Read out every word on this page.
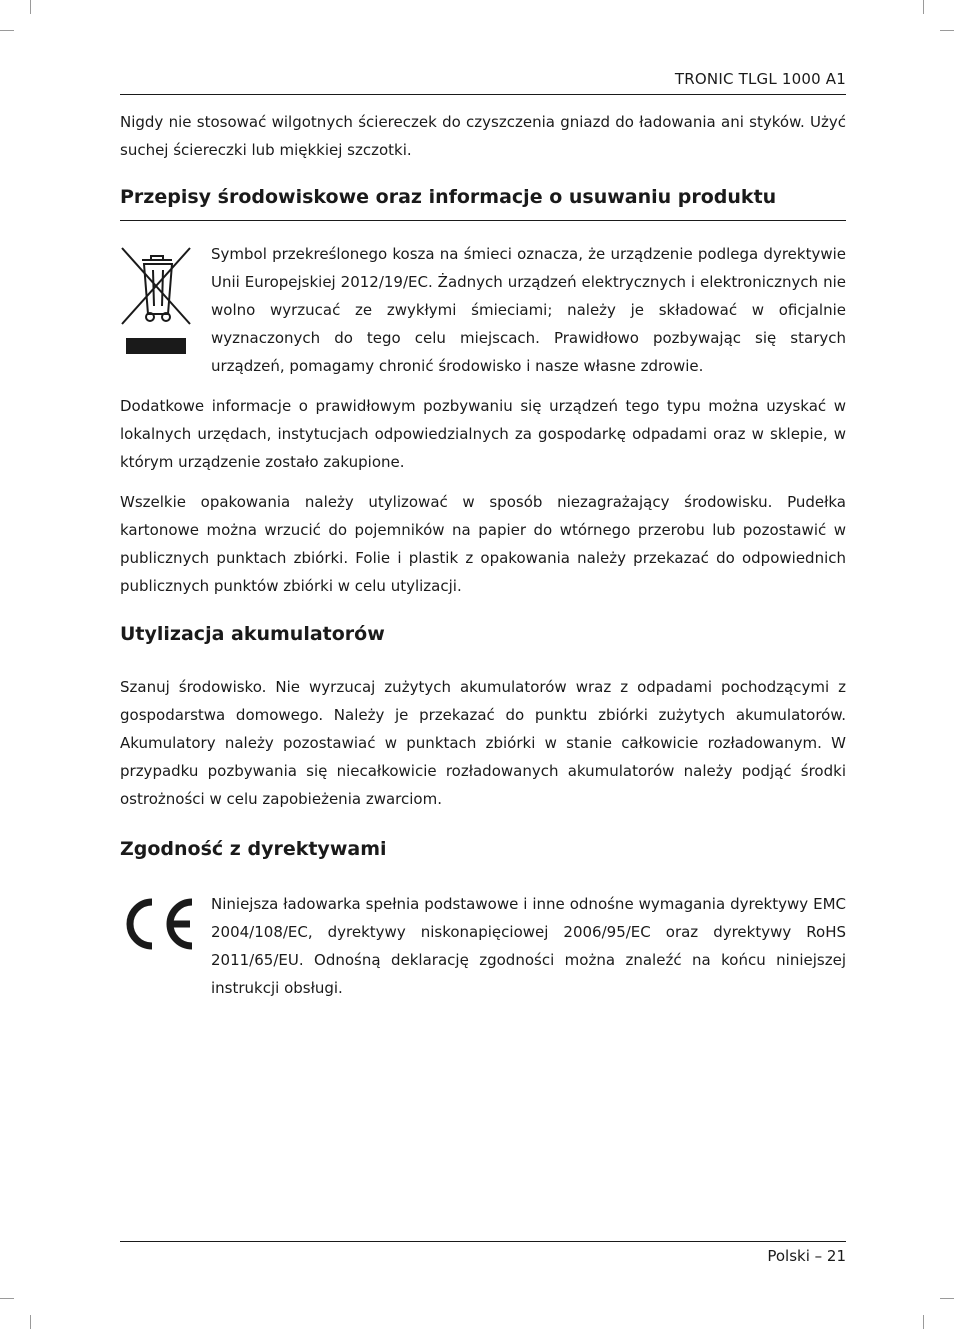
TRONIC TLGL 1000 A1

Nigdy nie stosować wilgotnych ściereczek do czyszczenia gniazd do ładowania ani styków. Użyć suchej ściereczki lub miękkiej szczotki.

Przepisy środowiskowe oraz informacje o usuwaniu produktu

Symbol przekreślonego kosza na śmieci oznacza, że urządzenie podlega dyrektywie Unii Europejskiej 2012/19/EC. Żadnych urządzeń elektrycznych i elektronicznych nie wolno wyrzucać ze zwykłymi śmieciami; należy je składować w oficjalnie wyznaczonych do tego celu miejscach. Prawidłowo pozbywając się starych urządzeń, pomagamy chronić środowisko i nasze własne zdrowie.

Dodatkowe informacje o prawidłowym pozbywaniu się urządzeń tego typu można uzyskać w lokalnych urzędach, instytucjach odpowiedzialnych za gospodarkę odpadami oraz w sklepie, w którym urządzenie zostało zakupione.

Wszelkie opakowania należy utylizować w sposób niezagrażający środowisku. Pudełka kartonowe można wrzucić do pojemników na papier do wtórnego przerobu lub pozostawić w publicznych punktach zbiórki. Folie i plastik z opakowania należy przekazać do odpowiednich publicznych punktów zbiórki w celu utylizacji.

Utylizacja akumulatorów

Szanuj środowisko. Nie wyrzucaj zużytych akumulatorów wraz z odpadami pochodzącymi z gospodarstwa domowego. Należy je przekazać do punktu zbiórki zużytych akumulatorów. Akumulatory należy pozostawiać w punktach zbiórki w stanie całkowicie rozładowanym. W przypadku pozbywania się niecałkowicie rozładowanych akumulatorów należy podjąć środki ostrożności w celu zapobieżenia zwarciom.

Zgodność z dyrektywami

Niniejsza ładowarka spełnia podstawowe i inne odnośne wymagania dyrektywy EMC 2004/108/EC, dyrektywy niskonapięciowej 2006/95/EC oraz dyrektywy RoHS 2011/65/EU. Odnośną deklarację zgodności można znaleźć na końcu niniejszej instrukcji obsługi.

Polski – 21
